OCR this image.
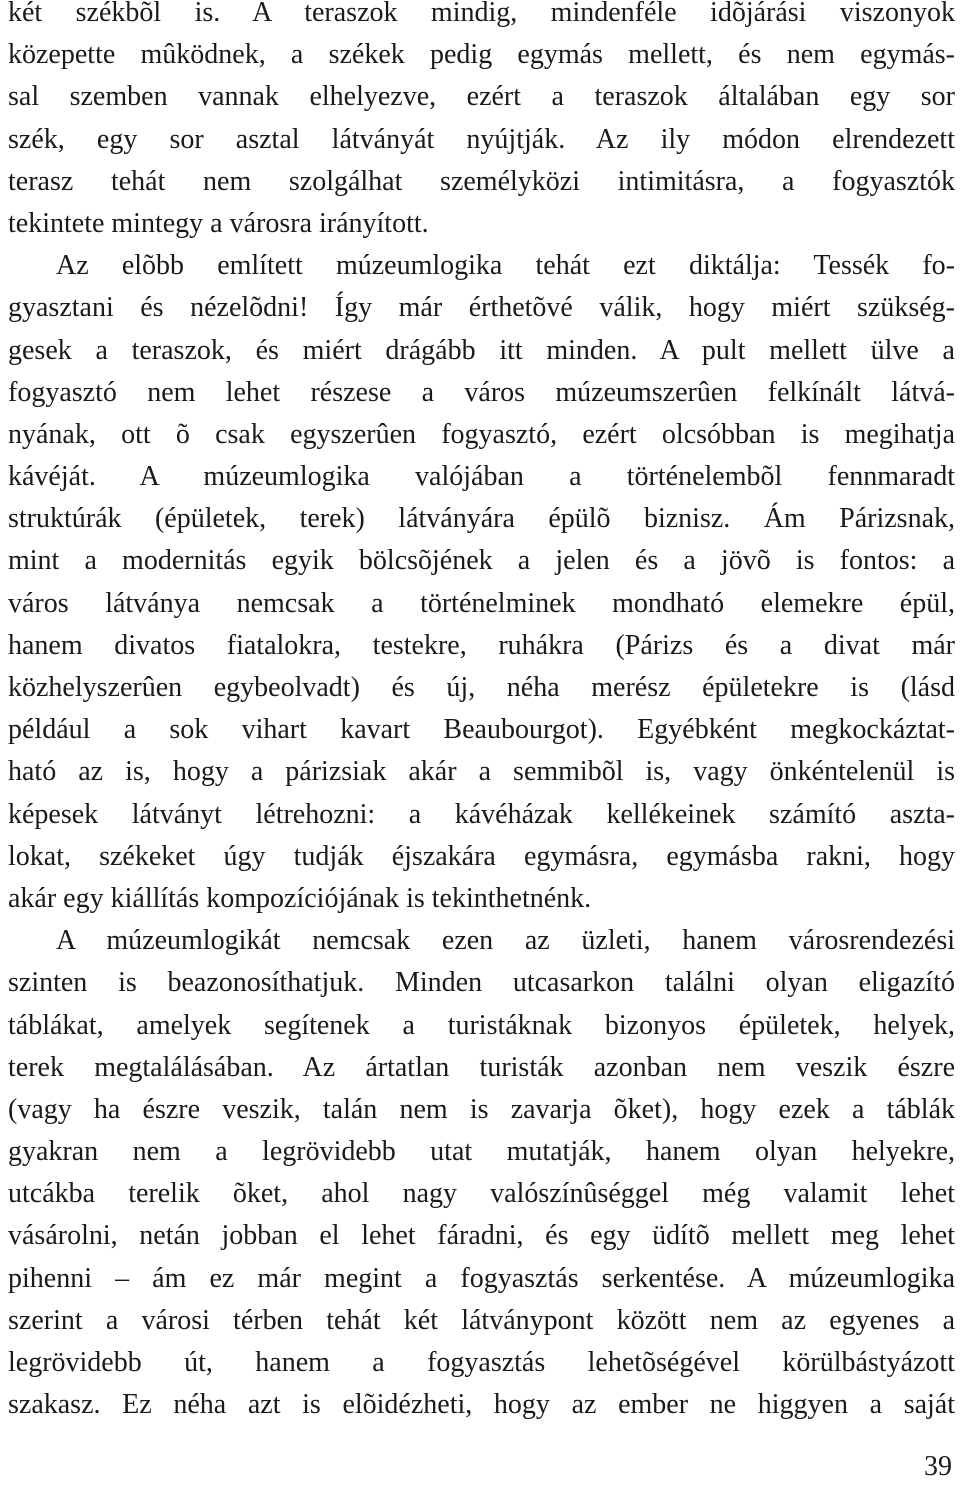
két székbõl is. A teraszok mindig, mindenféle idõjárási viszonyok
közepette mûködnek, a székek pedig egymás mellett, és nem egymás-
sal szemben vannak elhelyezve, ezért a teraszok általában egy sor
szék, egy sor asztal látványát nyújtják. Az ily módon elrendezett
terasz tehát nem szolgálhat személyközi intimitásra, a fogyasztók
tekintete mintegy a városra irányított.
Az elõbb említett múzeumlogika tehát ezt diktálja: Tessék fo-
gyasztani és nézelõdni! Így már érthetõvé válik, hogy miért szükség-
gesek a teraszok, és miért drágább itt minden. A pult mellett ülve a
fogyasztó nem lehet részese a város múzeumszerûen felkínált látvá-
nyának, ott õ csak egyszerûen fogyasztó, ezért olcsóbban is megihatja
kávéját. A múzeumlogika valójában a történelembõl fennmaradt
struktúrák (épületek, terek) látványára épülõ biznisz. Ám Párizsnak,
mint a modernitás egyik bölcsõjének a jelen és a jövõ is fontos: a
város látványa nemcsak a történelminek mondható elemekre épül,
hanem divatos fiatalokra, testekre, ruhákra (Párizs és a divat már
közhelyszerûen egybeolvadt) és új, néha merész épületekre is (lásd
például a sok vihart kavart Beaubourgot). Egyébként megkockáztat-
ható az is, hogy a párizsiak akár a semmibõl is, vagy önkéntelenül is
képesek látványt létrehozni: a kávéházak kellékeinek számító aszta-
lokat, székeket úgy tudják éjszakára egymásra, egymásba rakni, hogy
akár egy kiállítás kompozíciójának is tekinthetnénk.
A múzeumlogikát nemcsak ezen az üzleti, hanem városrendezési
szinten is beazonosíthatjuk. Minden utcasarkon találni olyan eligazító
táblákat, amelyek segítenek a turistáknak bizonyos épületek, helyek,
terek megtalálásában. Az ártatlan turisták azonban nem veszik észre
(vagy ha észre veszik, talán nem is zavarja õket), hogy ezek a táblák
gyakran nem a legrövidebb utat mutatják, hanem olyan helyekre,
utcákba terelik õket, ahol nagy valószínûséggel még valamit lehet
vásárolni, netán jobban el lehet fáradni, és egy üdítõ mellett meg lehet
pihenni – ám ez már megint a fogyasztás serkentése. A múzeumlogika
szerint a városi térben tehát két látványpont között nem az egyenes a
legrövidebb út, hanem a fogyasztás lehetõségével körülbástyázott
szakasz. Ez néha azt is elõidézheti, hogy az ember ne higgyen a saját
39
